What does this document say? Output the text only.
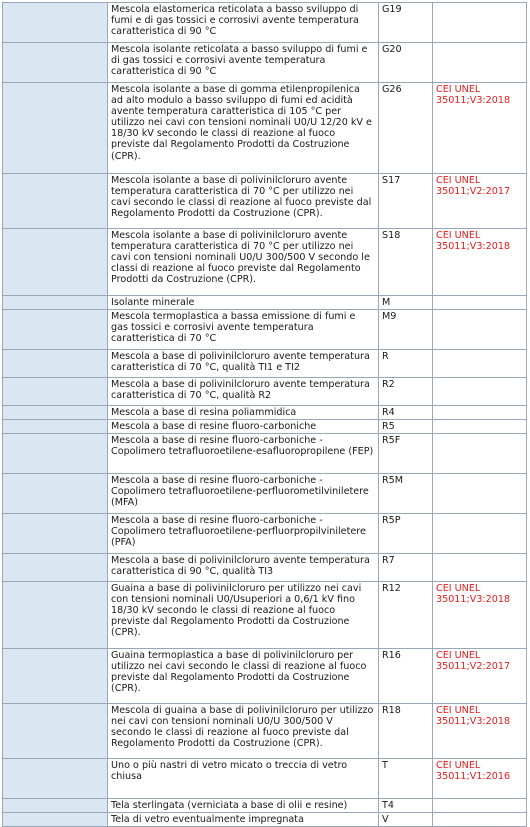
	Mescola elastomerica reticolata a basso sviluppo di fumi e di gas tossici e corrosivi avente temperatura caratteristica di 90 °C	G19	
	Mescola isolante reticolata a basso sviluppo di fumi e di gas tossici e corrosivi avente temperatura caratteristica di 90 °C	G20	
	Mescola isolante a base di gomma etilenpropilenica ad alto modulo a basso sviluppo di fumi ed acidità avente temperatura caratteristica di 105 °C per utilizzo nei cavi con tensioni nominali U0/U 12/20 kV e 18/30 kV secondo le classi di reazione al fuoco previste dal Regolamento Prodotti da Costruzione (CPR).	G26	CEI UNEL 35011;V3:2018
	Mescola isolante a base di polivinilcloruro avente temperatura caratteristica di 70 °C per utilizzo nei cavi secondo le classi di reazione al fuoco previste dal Regolamento Prodotti da Costruzione (CPR).	S17	CEI UNEL 35011;V2:2017
	Mescola isolante a base di polivinilcloruro avente temperatura caratteristica di 70 °C per utilizzo nei cavi con tensioni nominali U0/U 300/500 V secondo le classi di reazione al fuoco previste dal Regolamento Prodotti da Costruzione (CPR).	S18	CEI UNEL 35011;V3:2018
	Isolante minerale	M	
	Mescola termoplastica a bassa emissione di fumi e gas tossici e corrosivi avente temperatura caratteristica di 70 °C	M9	
	Mescola a base di polivinilcloruro avente temperatura caratteristica di 70 °C, qualità TI1 e TI2	R	
	Mescola a base di polivinilcloruro avente temperatura caratteristica di 70 °C, qualità R2	R2	
	Mescola a base di resina poliammidica	R4	
	Mescola a base di resine fluoro-carboniche	R5	
	Mescola a base di resine fluoro-carboniche - Copolimero tetrafluoroetilene-esafluoropropilene (FEP)	R5F	
	Mescola a base di resine fluoro-carboniche - Copolimero tetrafluoroetilene-perfluorometilviniletere (MFA)	R5M	
	Mescola a base di resine fluoro-carboniche - Copolimero tetrafluoroetilene-perfluorpropilviniletere (PFA)	R5P	
	Mescola a base di polivinilcloruro avente temperatura caratteristica di 90 °C, qualità TI3	R7	
	Guaina a base di polivinilcloruro per utilizzo nei cavi con tensioni nominali U0/Usuperiori a 0,6/1 kV fino 18/30 kV secondo le classi di reazione al fuoco previste dal Regolamento Prodotti da Costruzione (CPR).	R12	CEI UNEL 35011;V3:2018
	Guaina termoplastica a base di polivinilcloruro per utilizzo nei cavi secondo le classi di reazione al fuoco previste dal Regolamento Prodotti da Costruzione (CPR).	R16	CEI UNEL 35011;V2:2017
	Mescola di guaina a base di polivinilcloruro per utilizzo nei cavi con tensioni nominali U0/U 300/500 V secondo le classi di reazione al fuoco previste dal Regolamento Prodotti da Costruzione (CPR).	R18	CEI UNEL 35011;V3:2018
	Uno o più nastri di vetro micato o treccia di vetro chiusa	T	CEI UNEL 35011;V1:2016
	Tela sterlingata (verniciata a base di olii e resine)	T4	
	Tela di vetro eventualmente impregnata	V	
